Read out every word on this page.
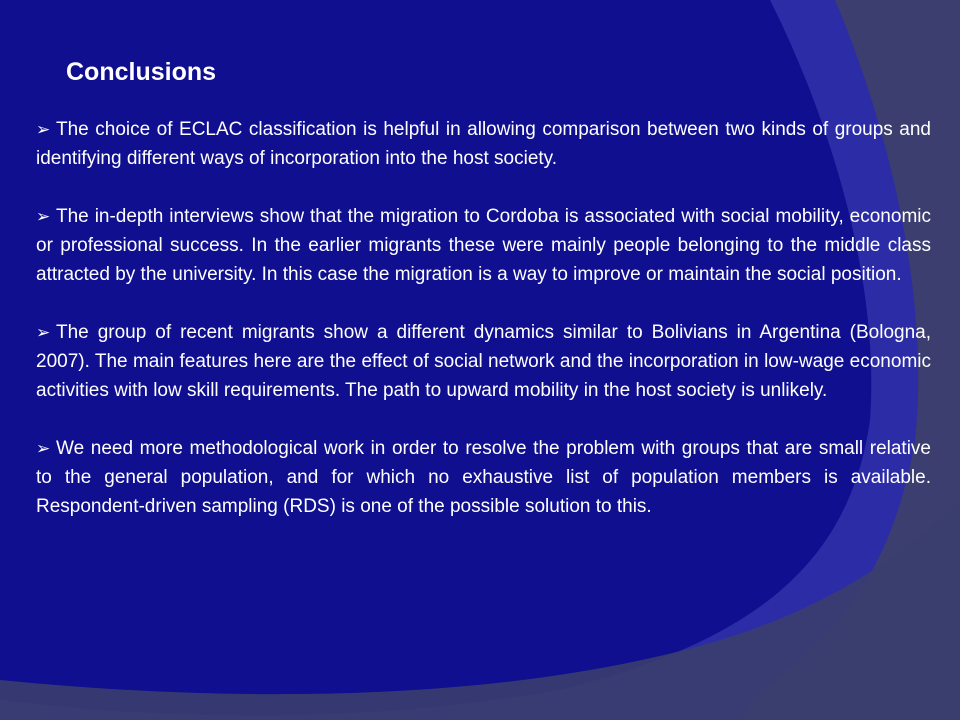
Conclusions

➢ The choice of ECLAC classification is helpful in allowing comparison between two kinds of groups and identifying different ways of incorporation into the host society.

➢ The in-depth interviews show that the migration to Cordoba is associated with social mobility, economic or professional success. In the earlier migrants these were mainly people belonging to the middle class attracted by the university. In this case the migration is a way to improve or maintain the social position.

➢ The group of recent migrants show a different dynamics similar to Bolivians in Argentina (Bologna, 2007). The main features here are the effect of social network and the incorporation in low-wage economic activities with low skill requirements. The path to upward mobility in the host society is unlikely.

➢ We need more methodological work in order to resolve the problem with groups that are small relative to the general population, and for which no exhaustive list of population members is available. Respondent-driven sampling (RDS) is one of the possible solution to this.
